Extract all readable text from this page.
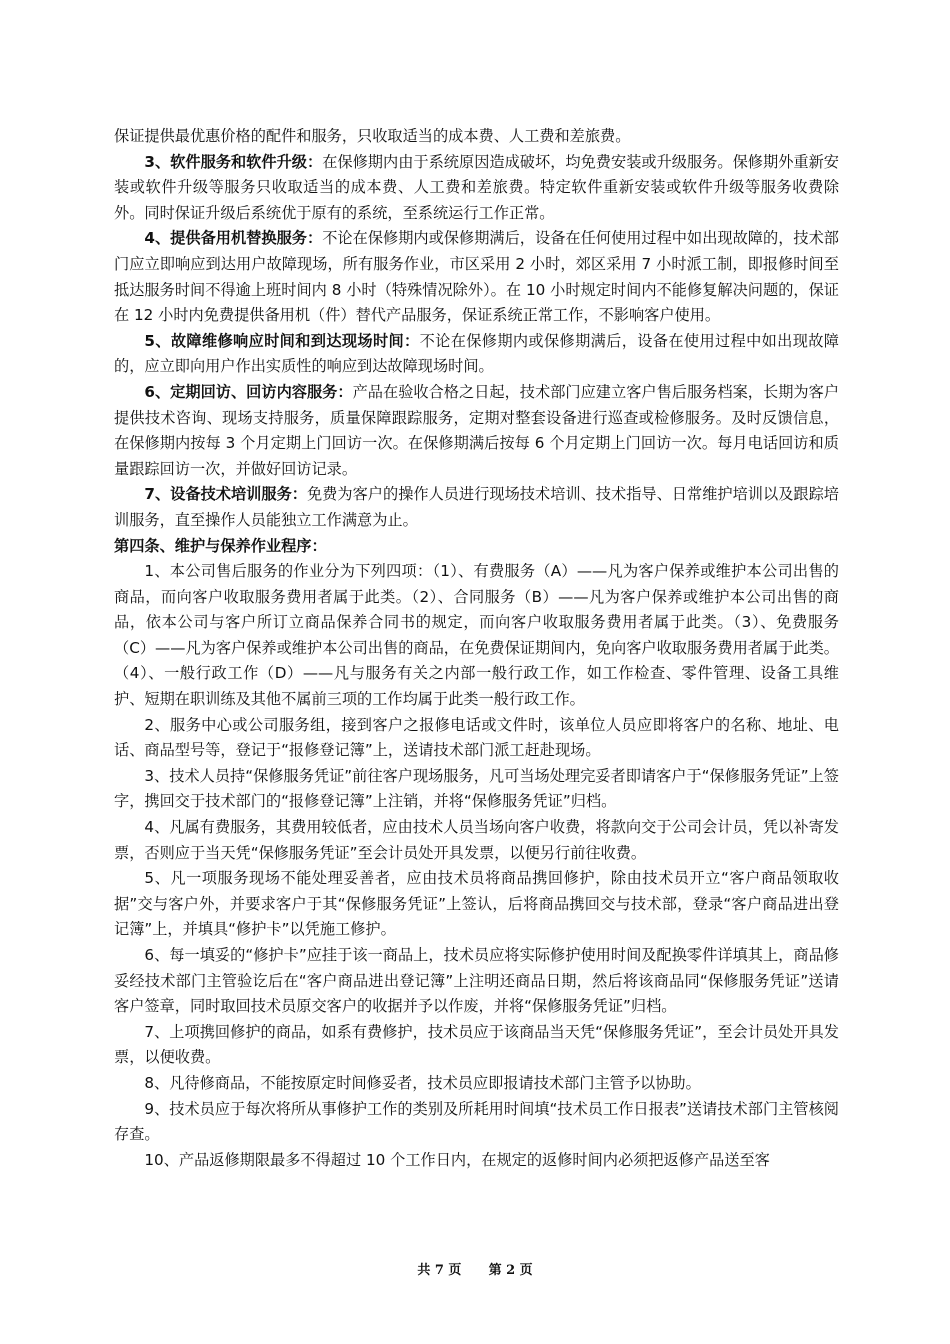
保证提供最优惠价格的配件和服务，只收取适当的成本费、人工费和差旅费。

3、软件服务和软件升级：在保修期内由于系统原因造成破坏，均免费安装或升级服务。保修期外重新安装或软件升级等服务只收取适当的成本费、人工费和差旅费。特定软件重新安装或软件升级等服务收费除外。同时保证升级后系统优于原有的系统，至系统运行工作正常。

4、提供备用机替换服务：不论在保修期内或保修期满后，设备在任何使用过程中如出现故障的，技术部门应立即响应到达用户故障现场，所有服务作业，市区采用 2 小时，郊区采用 7 小时派工制，即报修时间至抵达服务时间不得逾上班时间内 8 小时（特殊情况除外）。在 10 小时规定时间内不能修复解决问题的，保证在 12 小时内免费提供备用机（件）替代产品服务，保证系统正常工作，不影响客户使用。

5、故障维修响应时间和到达现场时间：不论在保修期内或保修期满后，设备在使用过程中如出现故障的，应立即向用户作出实质性的响应到达故障现场时间。

6、定期回访、回访内容服务：产品在验收合格之日起，技术部门应建立客户售后服务档案，长期为客户提供技术咨询、现场支持服务，质量保障跟踪服务，定期对整套设备进行巡查或检修服务。及时反馈信息，在保修期内按每 3 个月定期上门回访一次。在保修期满后按每 6 个月定期上门回访一次。每月电话回访和质量跟踪回访一次，并做好回访记录。

7、设备技术培训服务：免费为客户的操作人员进行现场技术培训、技术指导、日常维护培训以及跟踪培训服务，直至操作人员能独立工作满意为止。

第四条、维护与保养作业程序：

1、本公司售后服务的作业分为下列四项：（1）、有费服务（A）——凡为客户保养或维护本公司出售的商品，而向客户收取服务费用者属于此类。（2）、合同服务（B）——凡为客户保养或维护本公司出售的商品，依本公司与客户所订立商品保养合同书的规定，而向客户收取服务费用者属于此类。（3）、免费服务（C）——凡为客户保养或维护本公司出售的商品，在免费保证期间内，免向客户收取服务费用者属于此类。（4）、一般行政工作（D）——凡与服务有关之内部一般行政工作，如工作检查、零件管理、设备工具维护、短期在职训练及其他不属前三项的工作均属于此类一般行政工作。

2、服务中心或公司服务组，接到客户之报修电话或文件时，该单位人员应即将客户的名称、地址、电话、商品型号等，登记于“报修登记簿”上，送请技术部门派工赶赴现场。

3、技术人员持“保修服务凭证”前往客户现场服务，凡可当场处理完妥者即请客户于“保修服务凭证”上签字，携回交于技术部门的“报修登记簿”上注销，并将“保修服务凭证”归档。

4、凡属有费服务，其费用较低者，应由技术人员当场向客户收费，将款向交于公司会计员，凭以补寄发票，否则应于当天凭“保修服务凭证”至会计员处开具发票，以便另行前往收费。

5、凡一项服务现场不能处理妥善者，应由技术员将商品携回修护，除由技术员开立“客户商品领取收据”交与客户外，并要求客户于其“保修服务凭证”上签认，后将商品携回交与技术部，登录“客户商品进出登记簿”上，并填具“修护卡”以凭施工修护。

6、每一填妥的“修护卡”应挂于该一商品上，技术员应将实际修护使用时间及配换零件详填其上，商品修妥经技术部门主管验讫后在“客户商品进出登记簿”上注明还商品日期，然后将该商品同“保修服务凭证”送请客户签章，同时取回技术员原交客户的收据并予以作废，并将“保修服务凭证”归档。

7、上项携回修护的商品，如系有费修护，技术员应于该商品当天凭“保修服务凭证”，至会计员处开具发票，以便收费。

8、凡待修商品，不能按原定时间修妥者，技术员应即报请技术部门主管予以协助。

9、技术员应于每次将所从事修护工作的类别及所耗用时间填“技术员工作日报表”送请技术部门主管核阅存查。

10、产品返修期限最多不得超过 10 个工作日内，在规定的返修时间内必须把返修产品送至客

共 7 页 第 2 页
